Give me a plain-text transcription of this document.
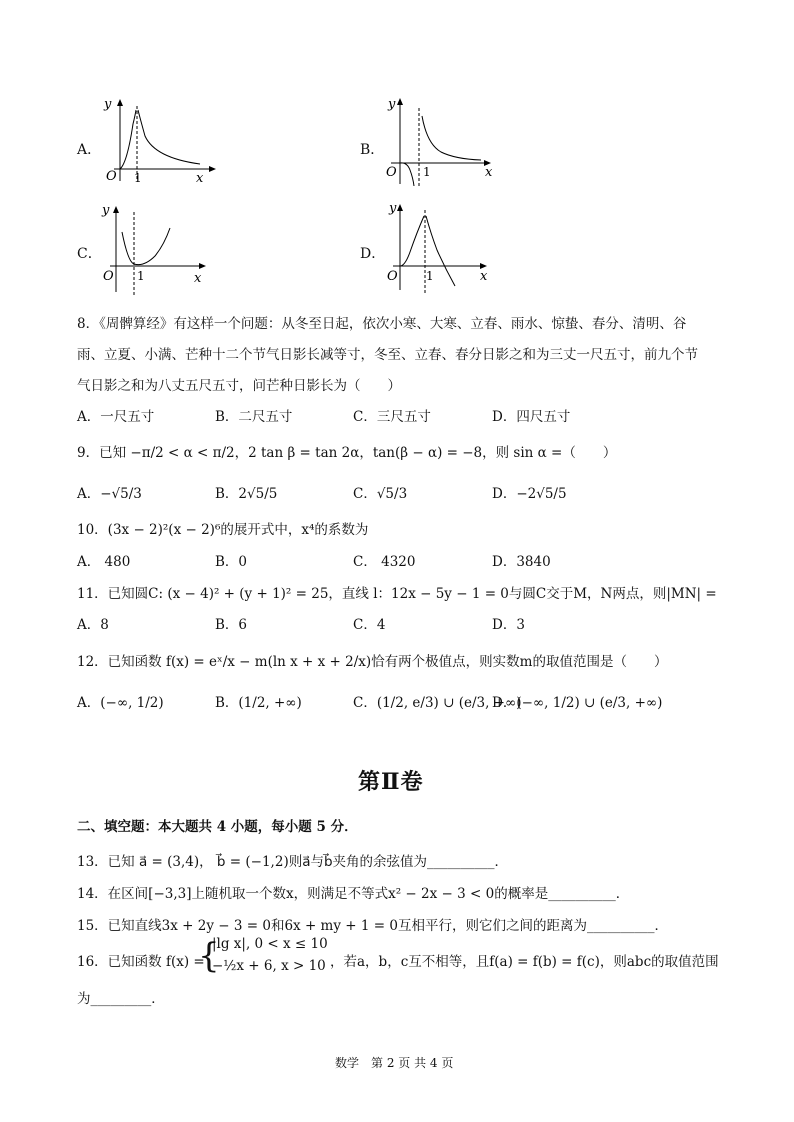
A．
y
O 1	x
B．
y
O 1	x
C．
y
O 1	x
D．
y
O 1	x
8．《周髀算经》有这样一个问题：从冬至日起，依次小寒、大寒、立春、雨水、惊蛰、春分、清明、谷
雨、立夏、小满、芒种十二个节气日影长减等寸，冬至、立春、春分日影之和为三丈一尺五寸，前九个节
气日影之和为八丈五尺五寸，问芒种日影长为（　　）
A．一尺五寸	B．二尺五寸	C．三尺五寸	D．四尺五寸
9．已知 −π/2 < α < π/2，2 tan β = tan 2α，tan(β − α) = −8，则 sin α =（　　）
A．−√5/3	B．2√5/5	C．√5/3	D．−2√5/5
10．(3x − 2)²(x − 2)⁶的展开式中，x⁴的系数为
A． 480	B．0	C． 4320	D．3840
11．已知圆C: (x − 4)² + (y + 1)² = 25，直线 l：12x − 5y − 1 = 0与圆C交于M，N两点，则|MN| =
A．8	B．6	C．4	D．3
12．已知函数 f(x) = eˣ/x − m(ln x + x + 2/x)恰有两个极值点，则实数m的取值范围是（　　）
A．(−∞, 1/2)	B．(1/2, +∞)	C．(1/2, e/3) ∪ (e/3, +∞)
D．(−∞, 1/2) ∪ (e/3, +∞)
第Ⅱ卷
二、填空题：本大题共 4 小题，每小题 5 分．
13．已知 a⃗ = (3,4)， b⃗ = (−1,2)则a⃗与b⃗夹角的余弦值为__________．
14．在区间[−3,3]上随机取一个数x，则满足不等式x² − 2x − 3 < 0的概率是__________．
15．已知直线3x + 2y − 3 = 0和6x + my + 1 = 0互相平行，则它们之间的距离为__________．
16．已知函数 f(x) =
{
|lg x|, 0 < x ≤ 10
−½x + 6, x > 10 ，若a，b，c互不相等，且f(a) = f(b) = f(c)，则abc的取值范围
为_________．
数学　第 2 页 共 4 页
